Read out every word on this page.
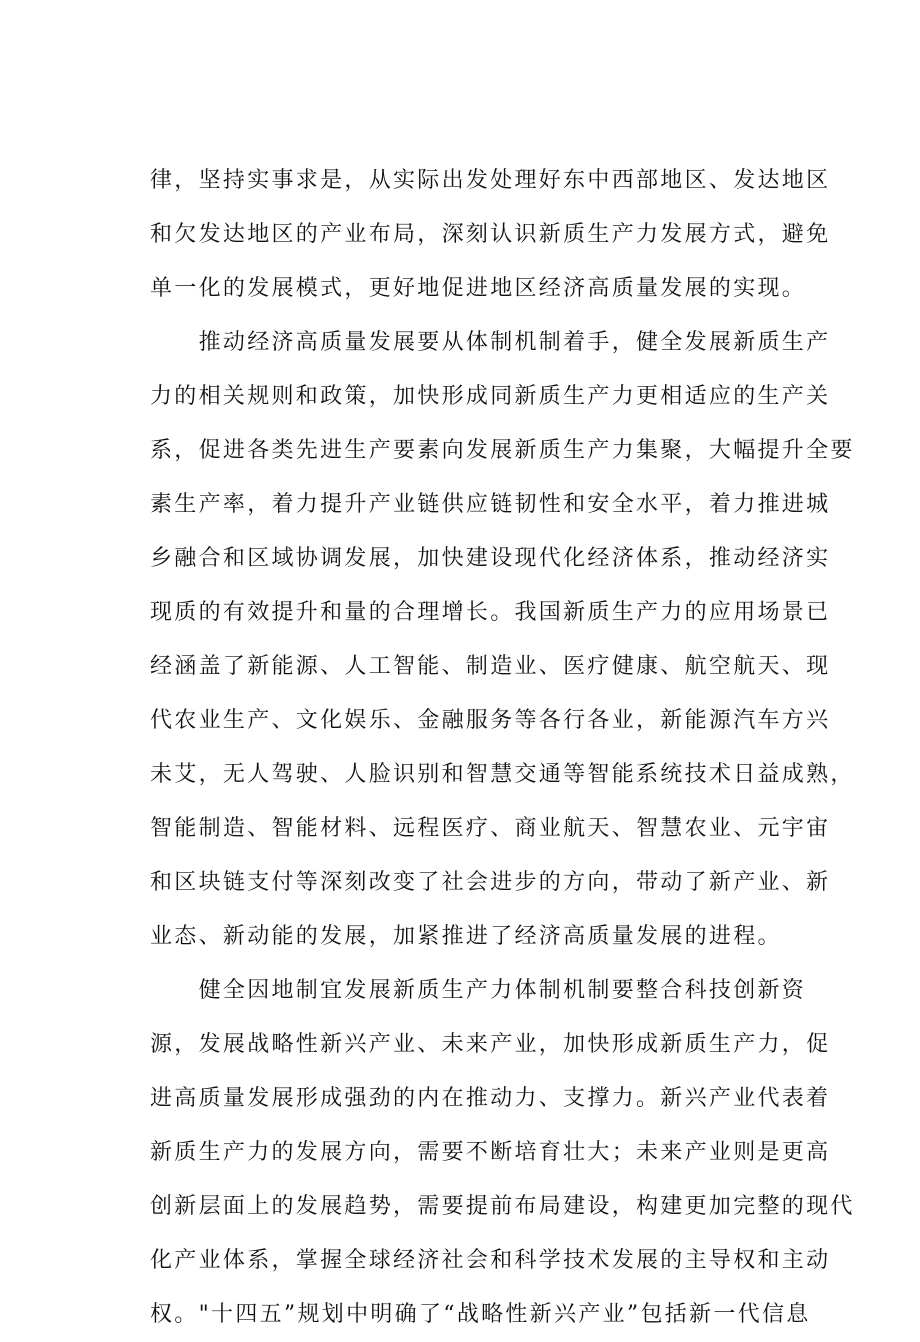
律，坚持实事求是，从实际出发处理好东中西部地区、发达地区
和欠发达地区的产业布局，深刻认识新质生产力发展方式，避免
单一化的发展模式，更好地促进地区经济高质量发展的实现。
　　推动经济高质量发展要从体制机制着手，健全发展新质生产
力的相关规则和政策，加快形成同新质生产力更相适应的生产关
系，促进各类先进生产要素向发展新质生产力集聚，大幅提升全要
素生产率，着力提升产业链供应链韧性和安全水平，着力推进城
乡融合和区域协调发展，加快建设现代化经济体系，推动经济实
现质的有效提升和量的合理增长。我国新质生产力的应用场景已
经涵盖了新能源、人工智能、制造业、医疗健康、航空航天、现
代农业生产、文化娱乐、金融服务等各行各业，新能源汽车方兴
未艾，无人驾驶、人脸识别和智慧交通等智能系统技术日益成熟，
智能制造、智能材料、远程医疗、商业航天、智慧农业、元宇宙
和区块链支付等深刻改变了社会进步的方向，带动了新产业、新
业态、新动能的发展，加紧推进了经济高质量发展的进程。
　　健全因地制宜发展新质生产力体制机制要整合科技创新资
源，发展战略性新兴产业、未来产业，加快形成新质生产力，促
进高质量发展形成强劲的内在推动力、支撑力。新兴产业代表着
新质生产力的发展方向，需要不断培育壮大；未来产业则是更高
创新层面上的发展趋势，需要提前布局建设，构建更加完整的现代
化产业体系，掌握全球经济社会和科学技术发展的主导权和主动
权。"十四五”规划中明确了“战略性新兴产业”包括新一代信息
